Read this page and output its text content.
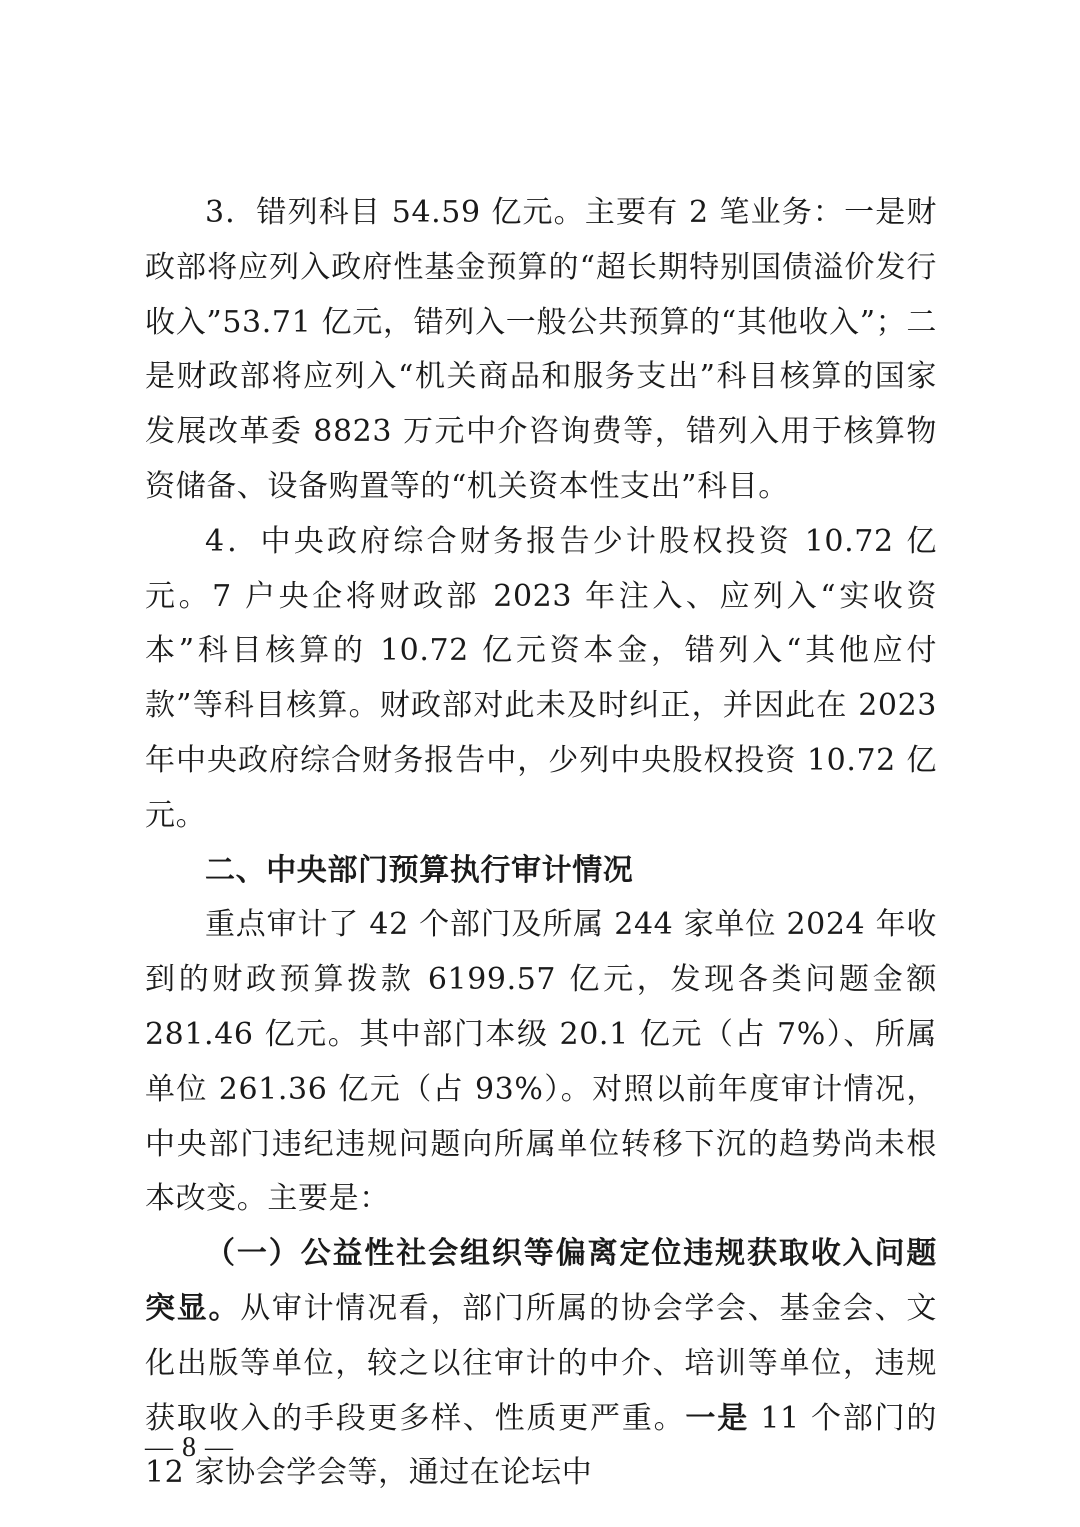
3．错列科目 54.59 亿元。主要有 2 笔业务：一是财政部将应列入政府性基金预算的“超长期特别国债溢价发行收入”53.71 亿元，错列入一般公共预算的“其他收入”；二是财政部将应列入“机关商品和服务支出”科目核算的国家发展改革委 8823 万元中介咨询费等，错列入用于核算物资储备、设备购置等的“机关资本性支出”科目。

4．中央政府综合财务报告少计股权投资 10.72 亿元。7 户央企将财政部 2023 年注入、应列入“实收资本”科目核算的 10.72 亿元资本金，错列入“其他应付款”等科目核算。财政部对此未及时纠正，并因此在 2023 年中央政府综合财务报告中，少列中央股权投资 10.72 亿元。

二、中央部门预算执行审计情况

重点审计了 42 个部门及所属 244 家单位 2024 年收到的财政预算拨款 6199.57 亿元，发现各类问题金额 281.46 亿元。其中部门本级 20.1 亿元（占 7%）、所属单位 261.36 亿元（占 93%）。对照以前年度审计情况，中央部门违纪违规问题向所属单位转移下沉的趋势尚未根本改变。主要是：

（一）公益性社会组织等偏离定位违规获取收入问题突显。从审计情况看，部门所属的协会学会、基金会、文化出版等单位，较之以往审计的中介、培训等单位，违规获取收入的手段更多样、性质更严重。一是 11 个部门的 12 家协会学会等，通过在论坛中

— 8 —
